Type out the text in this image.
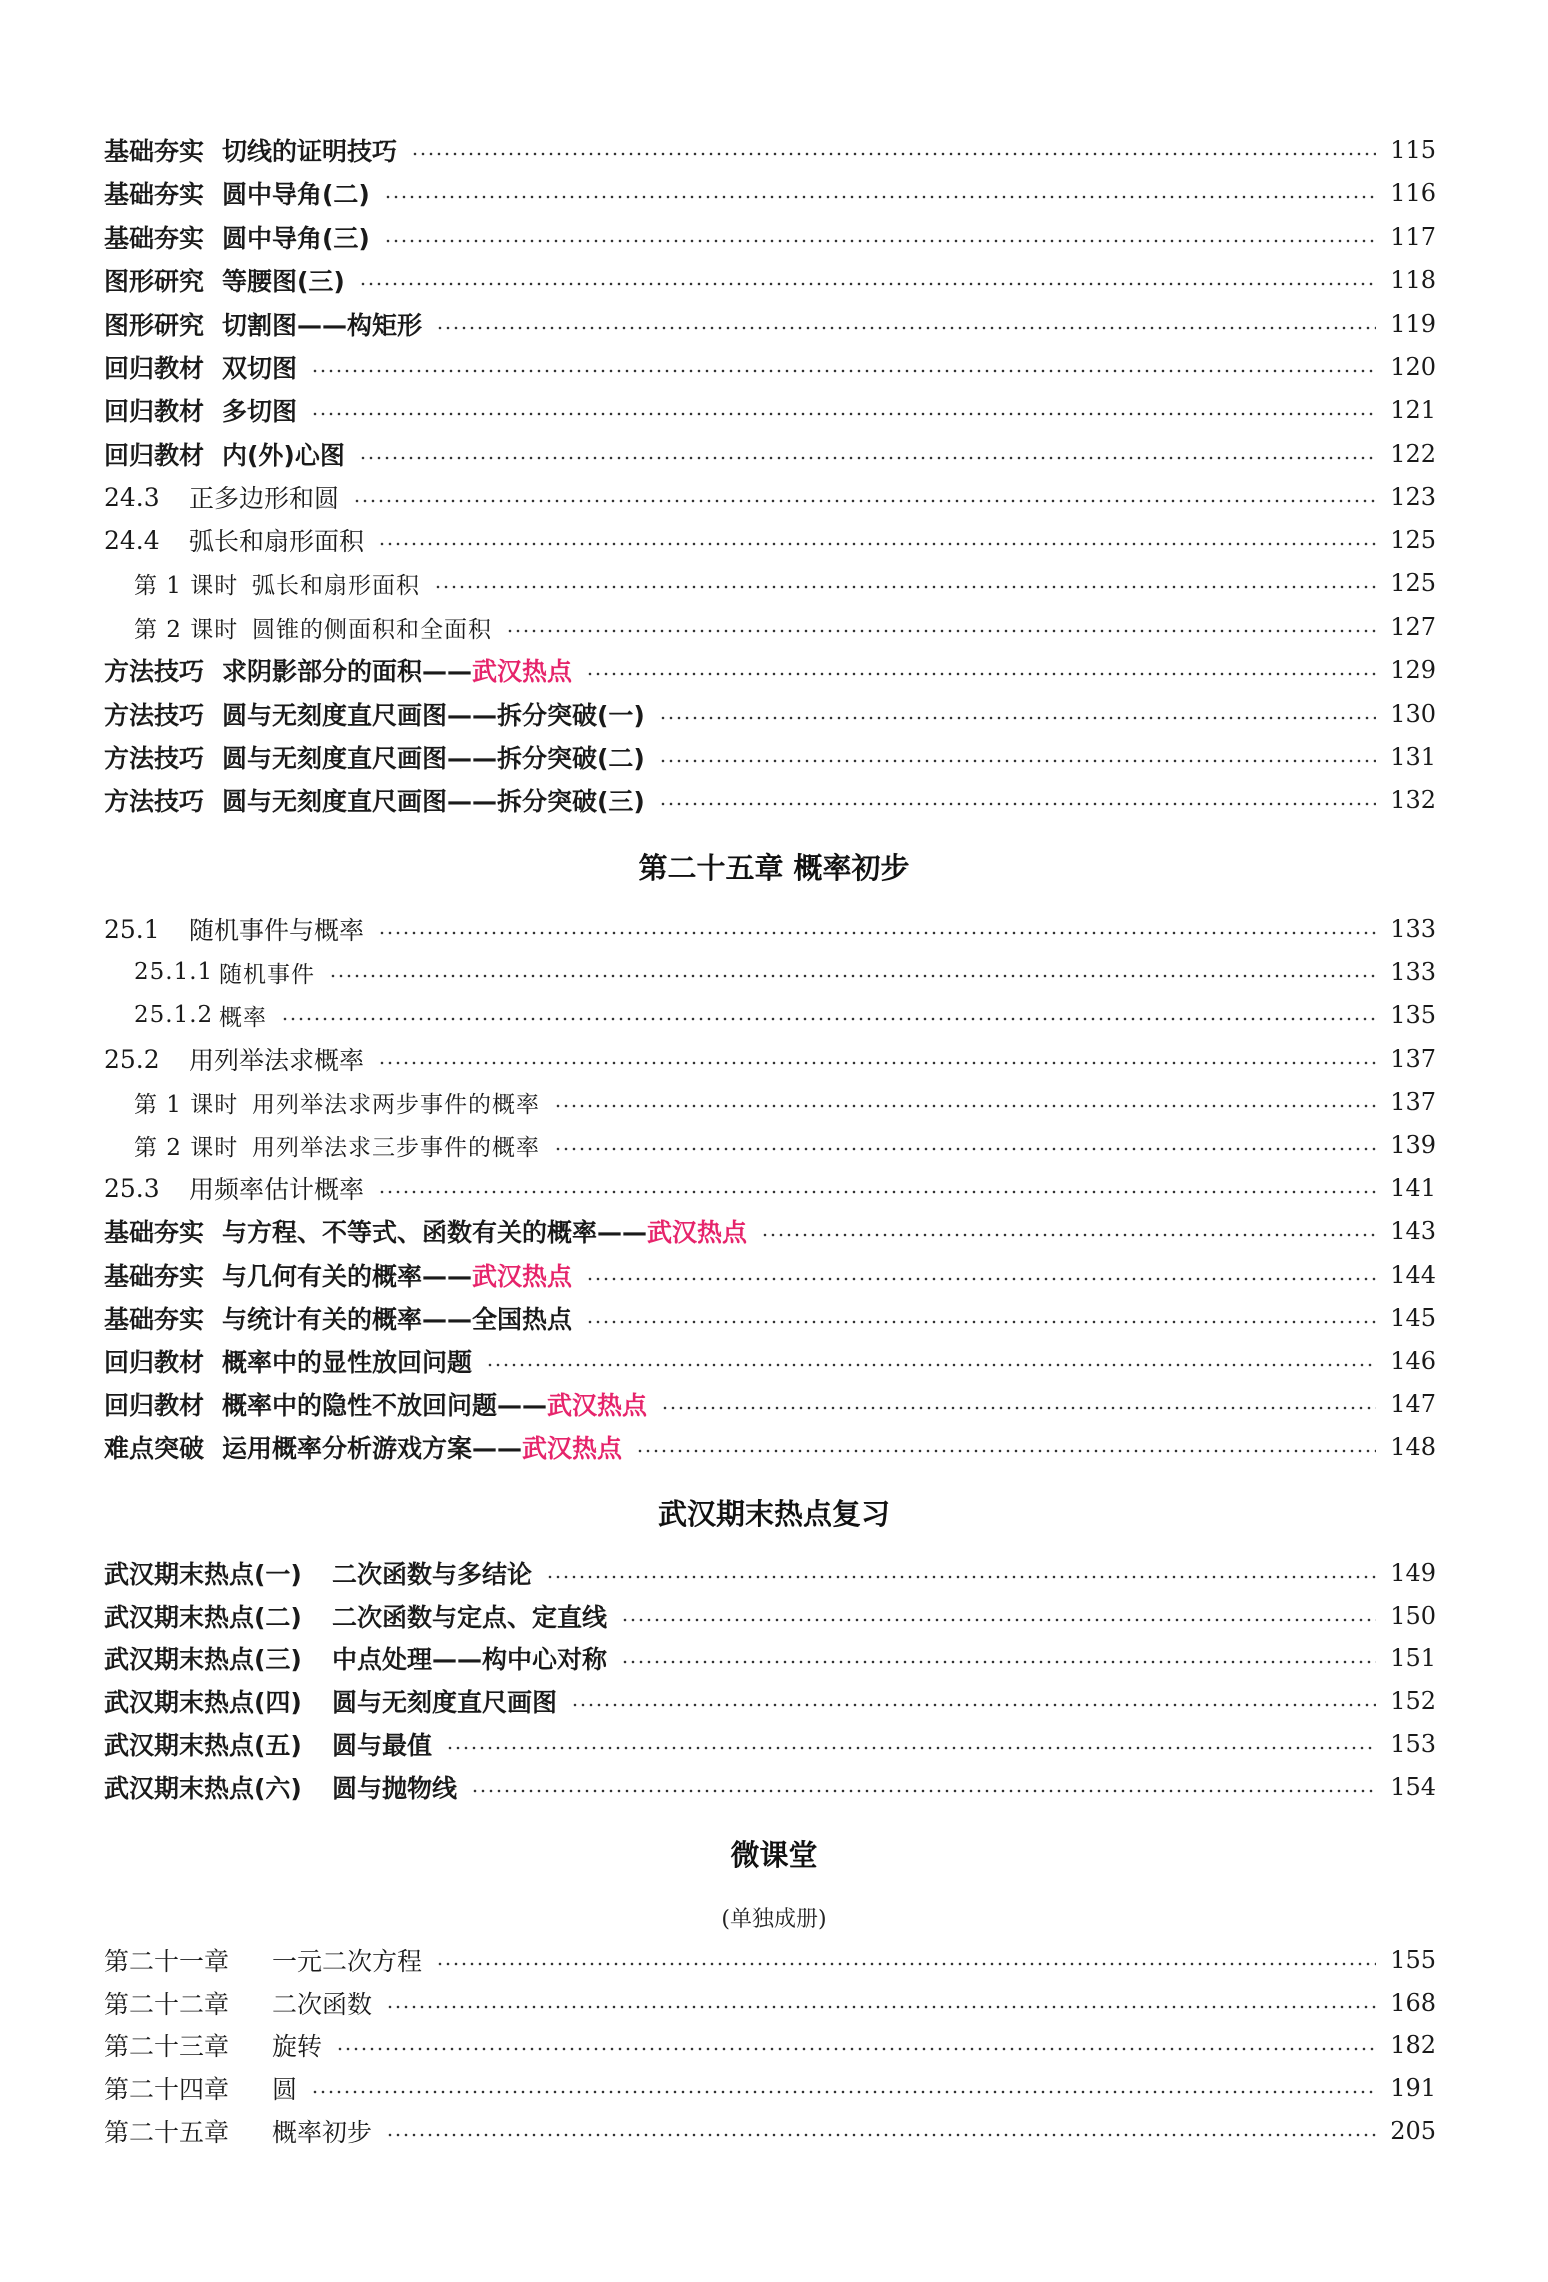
基础夯实 切线的证明技巧	115
基础夯实 圆中导角(二)	116
基础夯实 圆中导角(三)	117
图形研究 等腰图(三)	118
图形研究 切割图——构矩形	119
回归教材 双切图	120
回归教材 多切图	121
回归教材 内(外)心图	122
24.3	正多边形和圆	123
24.4	弧长和扇形面积	125
第 1 课时 弧长和扇形面积	125
第 2 课时 圆锥的侧面积和全面积	127
方法技巧 求阴影部分的面积—— 武汉热点	129
方法技巧 圆与无刻度直尺画图——拆分突破(一)	130
方法技巧 圆与无刻度直尺画图——拆分突破(二)	131
方法技巧 圆与无刻度直尺画图——拆分突破(三)	132
第二十五章 概率初步
25.1	随机事件与概率	133
25.1.1 随机事件	133
25.1.2 概率	135
25.2	用列举法求概率	137
第 1 课时 用列举法求两步事件的概率	137
第 2 课时 用列举法求三步事件的概率	139
25.3	用频率估计概率	141
基础夯实 与方程、不等式、函数有关的概率—— 武汉热点	143
基础夯实 与几何有关的概率—— 武汉热点	144
基础夯实 与统计有关的概率——全国热点	145
回归教材 概率中的显性放回问题	146
回归教材 概率中的隐性不放回问题—— 武汉热点	147
难点突破 运用概率分析游戏方案—— 武汉热点	148
武汉期末热点复习
武汉期末热点(一)	二次函数与多结论	149
武汉期末热点(二)	二次函数与定点、定直线	150
武汉期末热点(三)	中点处理——构中心对称	151
武汉期末热点(四)	圆与无刻度直尺画图	152
武汉期末热点(五)	圆与最值	153
武汉期末热点(六)	圆与抛物线	154
微课堂
(单独成册)
第二十一章	一元二次方程	155
第二十二章	二次函数	168
第二十三章	旋转	182
第二十四章	圆	191
第二十五章	概率初步	205
